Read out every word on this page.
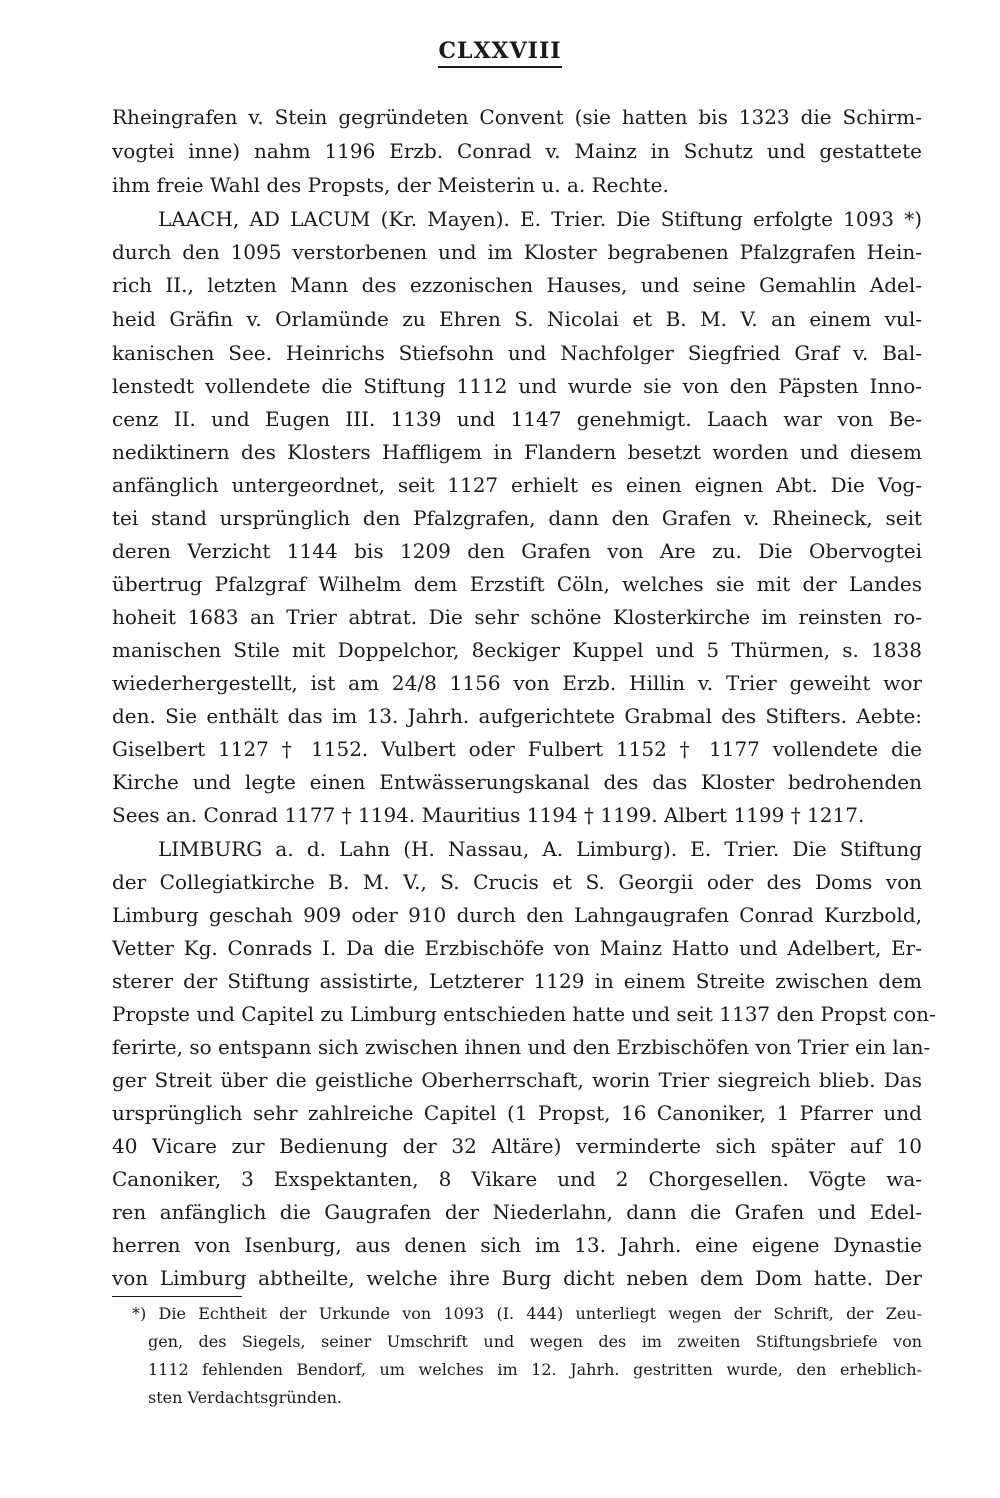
CLXXVIII
Rheingrafen v. Stein gegründeten Convent (sie hatten bis 1323 die Schirm-
vogtei inne) nahm 1196 Erzb. Conrad v. Mainz in Schutz und gestattete
ihm freie Wahl des Propsts, der Meisterin u. a. Rechte.
LAACH, AD LACUM (Kr. Mayen). E. Trier. Die Stiftung erfolgte 1093 *)
durch den 1095 verstorbenen und im Kloster begrabenen Pfalzgrafen Hein-
rich II., letzten Mann des ezzonischen Hauses, und seine Gemahlin Adel-
heid Gräfin v. Orlamünde zu Ehren S. Nicolai et B. M. V. an einem vul-
kanischen See. Heinrichs Stiefsohn und Nachfolger Siegfried Graf v. Bal-
lenstedt vollendete die Stiftung 1112 und wurde sie von den Päpsten Inno-
cenz II. und Eugen III. 1139 und 1147 genehmigt. Laach war von Be-
nediktinern des Klosters Haffligem in Flandern besetzt worden und diesem
anfänglich untergeordnet, seit 1127 erhielt es einen eignen Abt. Die Vog-
tei stand ursprünglich den Pfalzgrafen, dann den Grafen v. Rheineck, seit
deren Verzicht 1144 bis 1209 den Grafen von Are zu. Die Obervogtei
übertrug Pfalzgraf Wilhelm dem Erzstift Cöln, welches sie mit der Landes
hoheit 1683 an Trier abtrat. Die sehr schöne Klosterkirche im reinsten ro-
manischen Stile mit Doppelchor, 8eckiger Kuppel und 5 Thürmen, s. 1838
wiederhergestellt, ist am 24/8 1156 von Erzb. Hillin v. Trier geweiht wor
den. Sie enthält das im 13. Jahrh. aufgerichtete Grabmal des Stifters. Aebte:
Giselbert 1127 † 1152. Vulbert oder Fulbert 1152 † 1177 vollendete die
Kirche und legte einen Entwässerungskanal des das Kloster bedrohenden
Sees an. Conrad 1177 † 1194. Mauritius 1194 † 1199. Albert 1199 † 1217.
LIMBURG a. d. Lahn (H. Nassau, A. Limburg). E. Trier. Die Stiftung
der Collegiatkirche B. M. V., S. Crucis et S. Georgii oder des Doms von
Limburg geschah 909 oder 910 durch den Lahngaugrafen Conrad Kurzbold,
Vetter Kg. Conrads I. Da die Erzbischöfe von Mainz Hatto und Adelbert, Er-
sterer der Stiftung assistirte, Letzterer 1129 in einem Streite zwischen dem
Propste und Capitel zu Limburg entschieden hatte und seit 1137 den Propst con-
ferirte, so entspann sich zwischen ihnen und den Erzbischöfen von Trier ein lan-
ger Streit über die geistliche Oberherrschaft, worin Trier siegreich blieb. Das
ursprünglich sehr zahlreiche Capitel (1 Propst, 16 Canoniker, 1 Pfarrer und
40 Vicare zur Bedienung der 32 Altäre) verminderte sich später auf 10
Canoniker, 3 Exspektanten, 8 Vikare und 2 Chorgesellen. Vögte wa-
ren anfänglich die Gaugrafen der Niederlahn, dann die Grafen und Edel-
herren von Isenburg, aus denen sich im 13. Jahrh. eine eigene Dynastie
von Limburg abtheilte, welche ihre Burg dicht neben dem Dom hatte. Der
*) Die Echtheit der Urkunde von 1093 (I. 444) unterliegt wegen der Schrift, der Zeu-
gen, des Siegels, seiner Umschrift und wegen des im zweiten Stiftungsbriefe von
1112 fehlenden Bendorf, um welches im 12. Jahrh. gestritten wurde, den erheblich-
sten Verdachtsgründen.
